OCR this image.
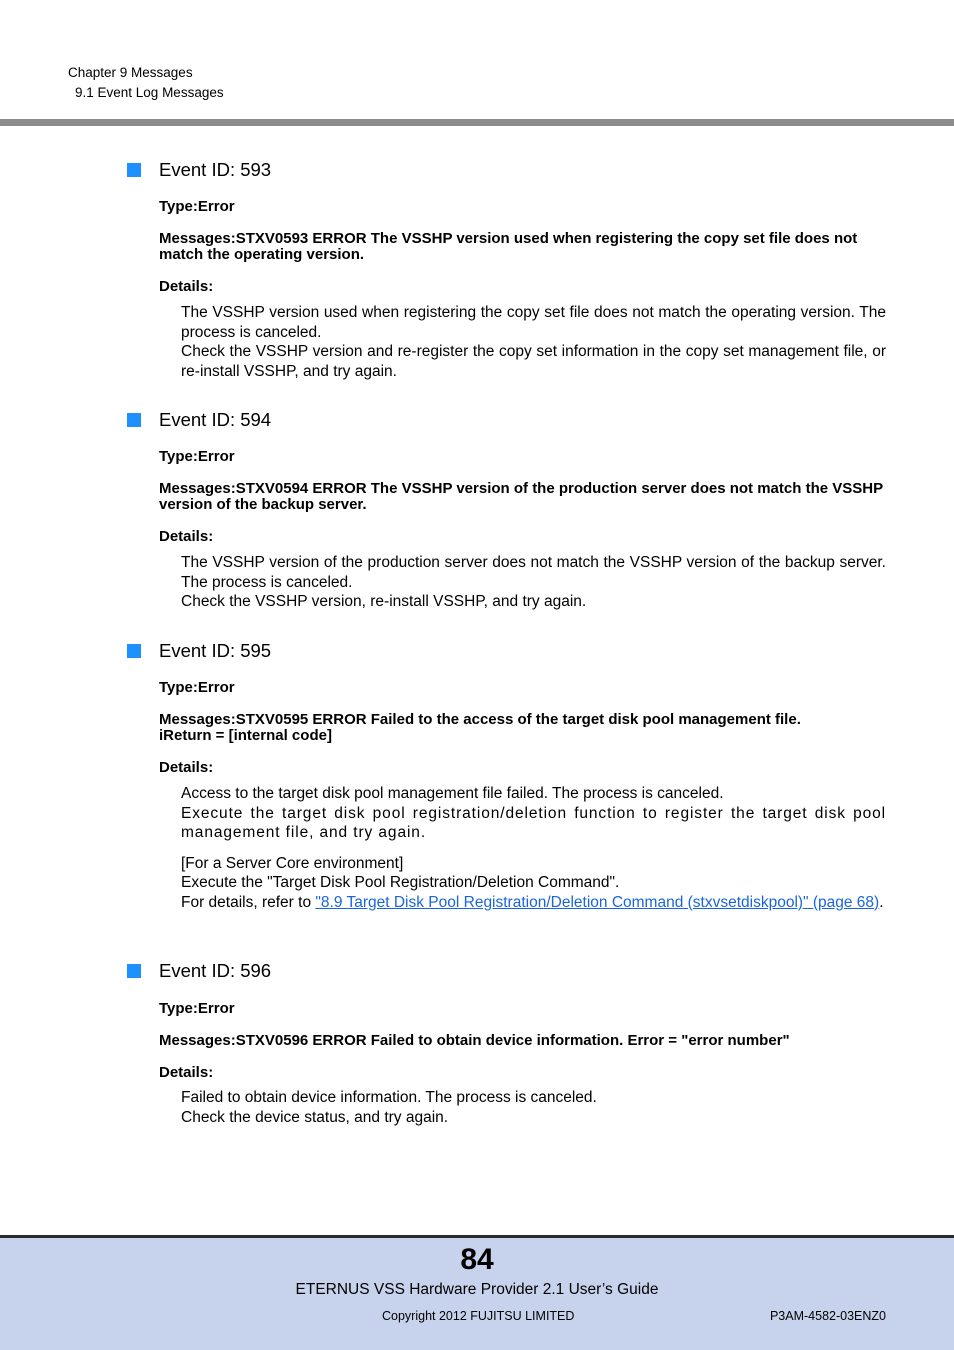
Chapter 9 Messages
9.1 Event Log Messages
Event ID: 593
Type:Error
Messages:STXV0593 ERROR The VSSHP version used when registering the copy set file does not match the operating version.
Details:

The VSSHP version used when registering the copy set file does not match the operating version. The process is canceled.

Check the VSSHP version and re-register the copy set information in the copy set management file, or re-install VSSHP, and try again.

Event ID: 594
Type:Error
Messages:STXV0594 ERROR The VSSHP version of the production server does not match the VSSHP version of the backup server.
Details:

The VSSHP version of the production server does not match the VSSHP version of the backup server. The process is canceled.

Check the VSSHP version, re-install VSSHP, and try again.

Event ID: 595
Type:Error
Messages:STXV0595 ERROR Failed to the access of the target disk pool management file.
iReturn = [internal code]
Details:

Access to the target disk pool management file failed. The process is canceled.

Execute the target disk pool registration/deletion function to register the target disk pool management file, and try again.

[For a Server Core environment]

Execute the "Target Disk Pool Registration/Deletion Command".

For details, refer to "8.9 Target Disk Pool Registration/Deletion Command (stxvsetdiskpool)" (page 68).

Event ID: 596
Type:Error
Messages:STXV0596 ERROR Failed to obtain device information. Error = "error number"
Details:

Failed to obtain device information. The process is canceled.

Check the device status, and try again.

84
ETERNUS VSS Hardware Provider 2.1 User’s Guide
Copyright 2012 FUJITSU LIMITED	P3AM-4582-03ENZ0
